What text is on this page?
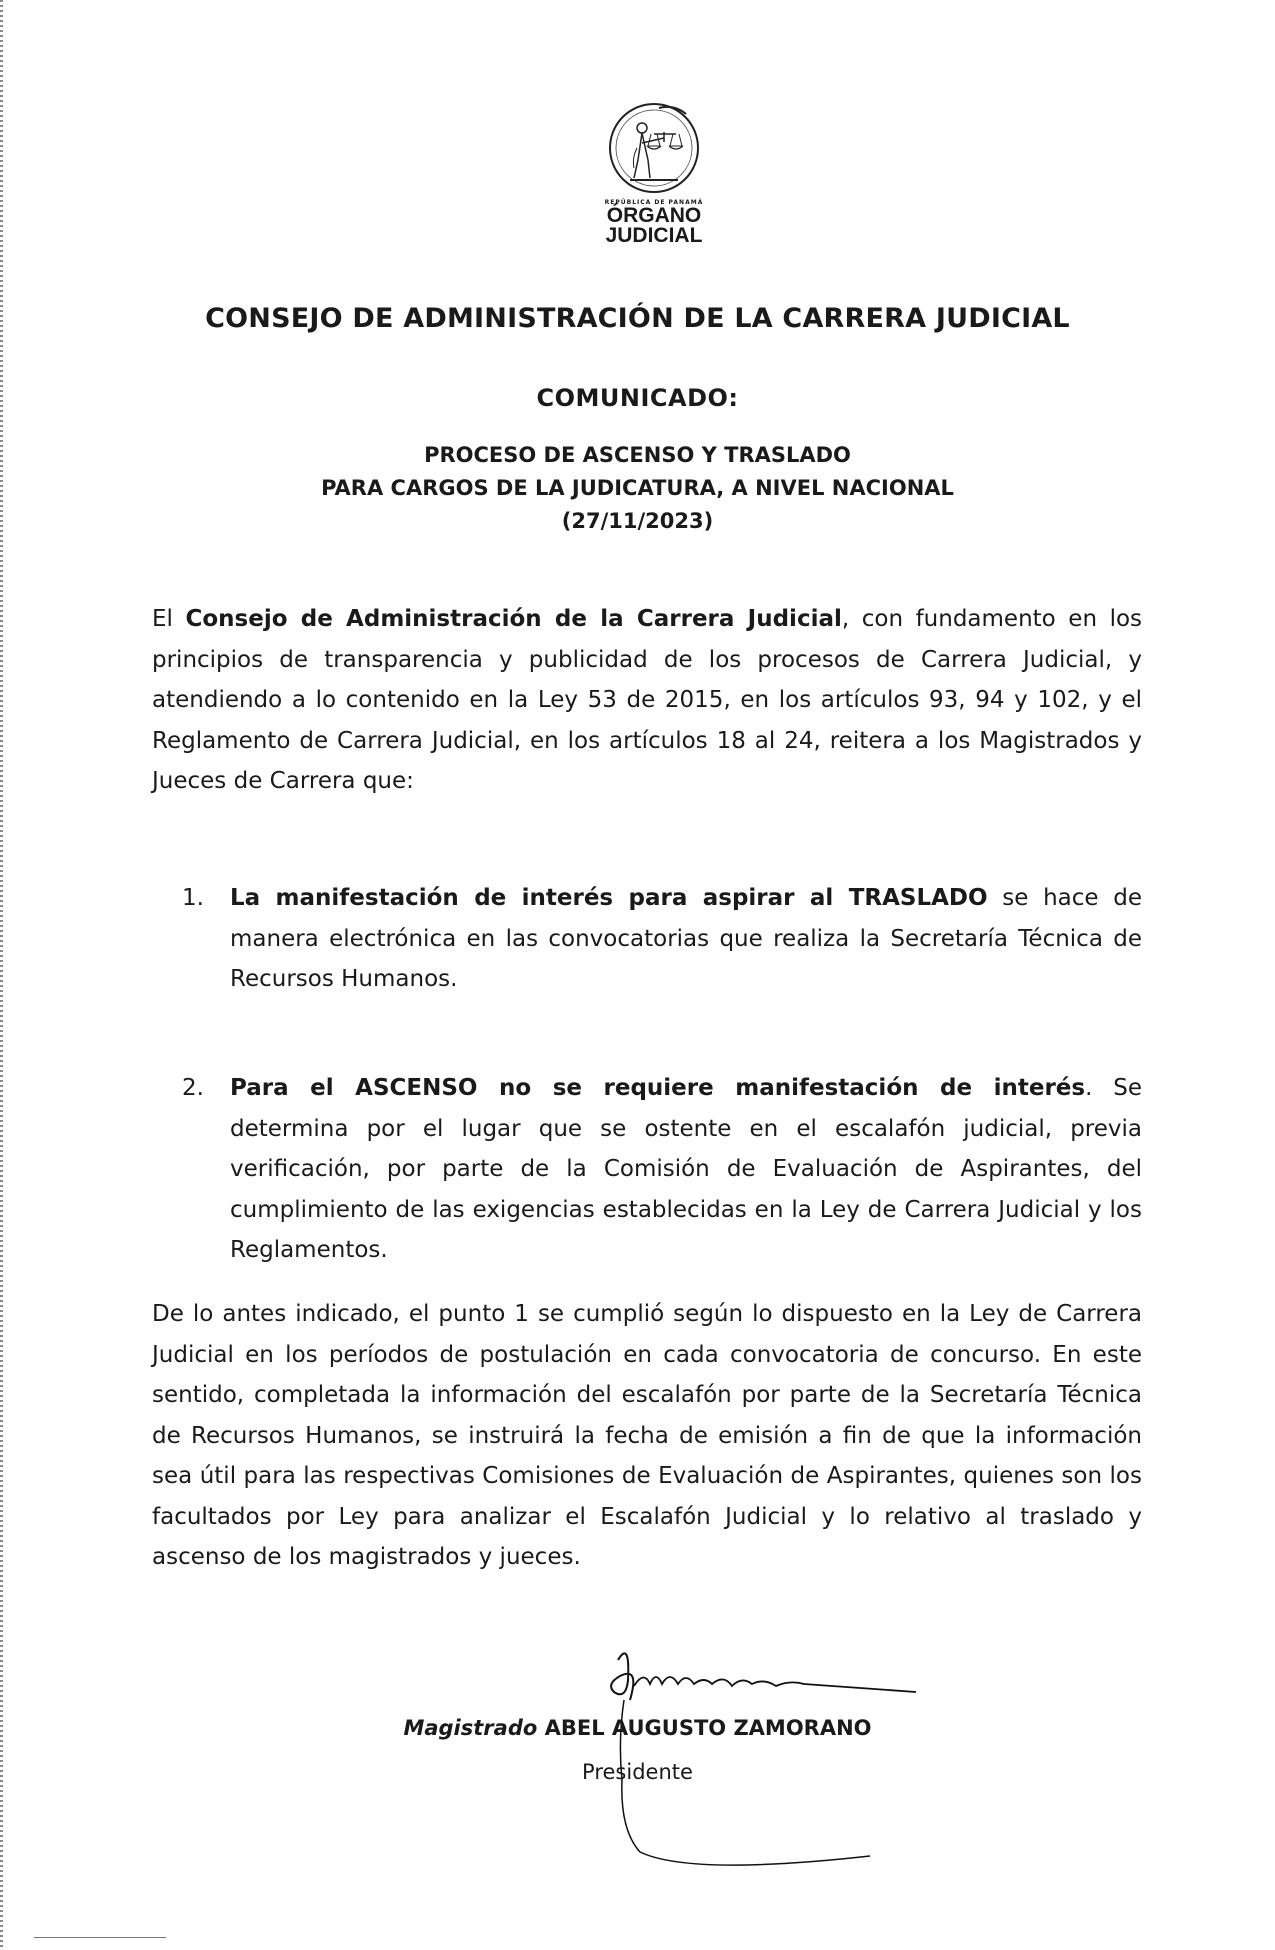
REPÚBLICA DE PANAMÁ
ÓRGANO
JUDICIAL
CONSEJO DE ADMINISTRACIÓN DE LA CARRERA JUDICIAL
COMUNICADO:
PROCESO DE ASCENSO Y TRASLADO
PARA CARGOS DE LA JUDICATURA, A NIVEL NACIONAL
(27/11/2023)
El Consejo de Administración de la Carrera Judicial, con fundamento en los principios de transparencia y publicidad de los procesos de Carrera Judicial, y atendiendo a lo contenido en la Ley 53 de 2015, en los artículos 93, 94 y 102, y el Reglamento de Carrera Judicial, en los artículos 18 al 24, reitera a los Magistrados y Jueces de Carrera que:
1. La manifestación de interés para aspirar al TRASLADO se hace de manera electrónica en las convocatorias que realiza la Secretaría Técnica de Recursos Humanos.
2. Para el ASCENSO no se requiere manifestación de interés. Se determina por el lugar que se ostente en el escalafón judicial, previa verificación, por parte de la Comisión de Evaluación de Aspirantes, del cumplimiento de las exigencias establecidas en la Ley de Carrera Judicial y los Reglamentos.
De lo antes indicado, el punto 1 se cumplió según lo dispuesto en la Ley de Carrera Judicial en los períodos de postulación en cada convocatoria de concurso. En este sentido, completada la información del escalafón por parte de la Secretaría Técnica de Recursos Humanos, se instruirá la fecha de emisión a fin de que la información sea útil para las respectivas Comisiones de Evaluación de Aspirantes, quienes son los facultados por Ley para analizar el Escalafón Judicial y lo relativo al traslado y ascenso de los magistrados y jueces.
Magistrado ABEL AUGUSTO ZAMORANO
Presidente
